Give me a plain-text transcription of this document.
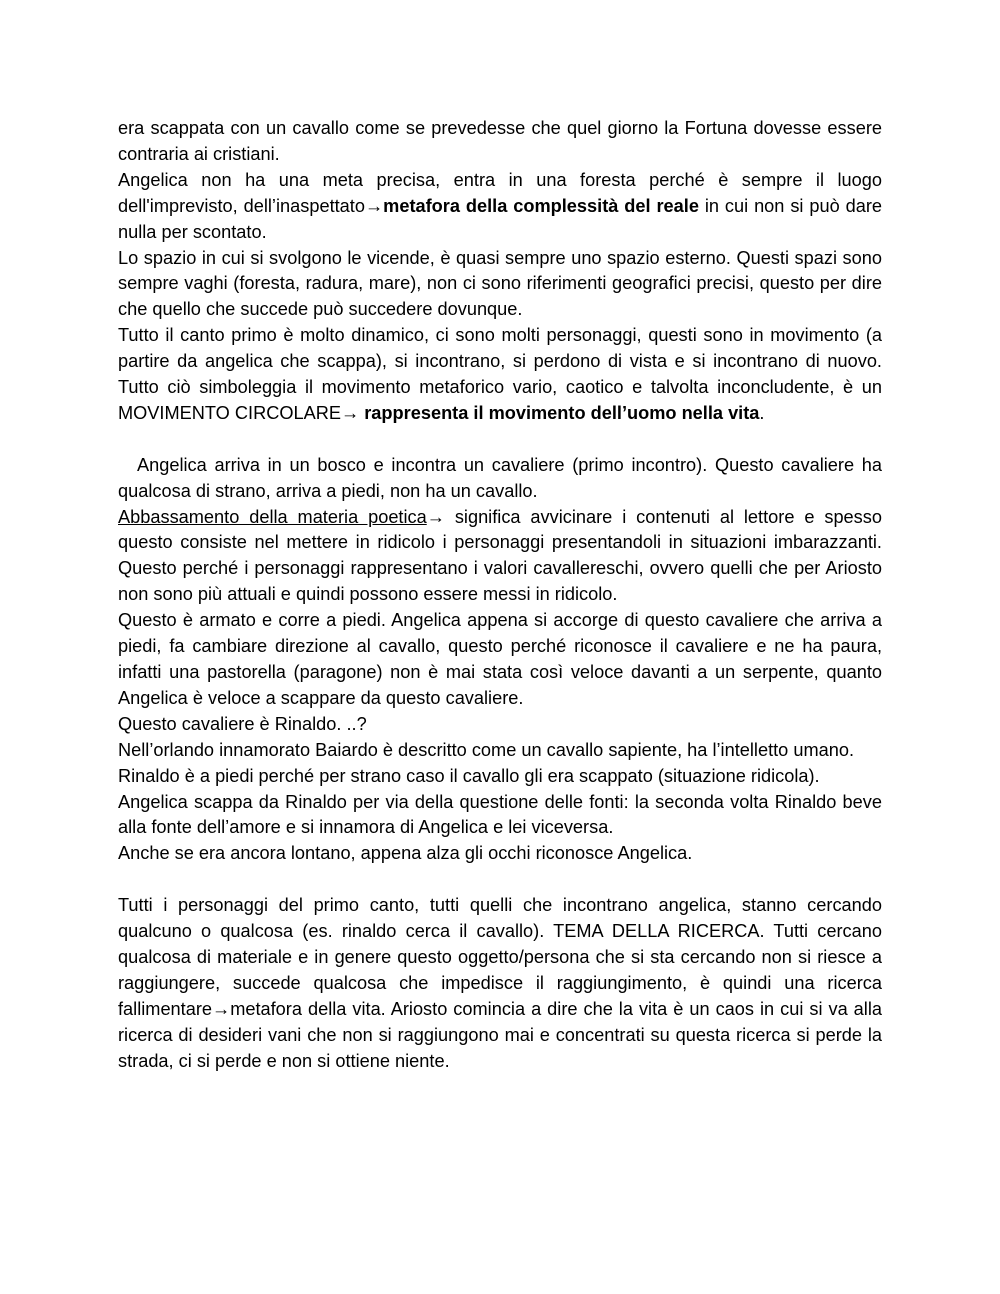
era scappata con un cavallo come se prevedesse che quel giorno la Fortuna dovesse essere contraria ai cristiani.

Angelica non ha una meta precisa, entra in una foresta perché è sempre il luogo dell'imprevisto, dell’inaspettato→metafora della complessità del reale in cui non si può dare nulla per scontato.

Lo spazio in cui si svolgono le vicende, è quasi sempre uno spazio esterno. Questi spazi sono sempre vaghi (foresta, radura, mare), non ci sono riferimenti geografici precisi, questo per dire che quello che succede può succedere dovunque.

Tutto il canto primo è molto dinamico, ci sono molti personaggi, questi sono in movimento (a partire da angelica che scappa), si incontrano, si perdono di vista e si incontrano di nuovo. Tutto ciò simboleggia il movimento metaforico vario, caotico e talvolta inconcludente, è un MOVIMENTO CIRCOLARE→ rappresenta il movimento dell’uomo nella vita.

Angelica arriva in un bosco e incontra un cavaliere (primo incontro). Questo cavaliere ha qualcosa di strano, arriva a piedi, non ha un cavallo.

Abbassamento della materia poetica→ significa avvicinare i contenuti al lettore e spesso questo consiste nel mettere in ridicolo i personaggi presentandoli in situazioni imbarazzanti. Questo perché i personaggi rappresentano i valori cavallereschi, ovvero quelli che per Ariosto non sono più attuali e quindi possono essere messi in ridicolo.

Questo è armato e corre a piedi. Angelica appena si accorge di questo cavaliere che arriva a piedi, fa cambiare direzione al cavallo, questo perché riconosce il cavaliere e ne ha paura, infatti una pastorella (paragone) non è mai stata così veloce davanti a un serpente, quanto Angelica è veloce a scappare da questo cavaliere.

Questo cavaliere è Rinaldo. ..?

Nell’orlando innamorato Baiardo è descritto come un cavallo sapiente, ha l’intelletto umano.

Rinaldo è a piedi perché per strano caso il cavallo gli era scappato (situazione ridicola).

Angelica scappa da Rinaldo per via della questione delle fonti: la seconda volta Rinaldo beve alla fonte dell’amore e si innamora di Angelica e lei viceversa.

Anche se era ancora lontano, appena alza gli occhi riconosce Angelica.

Tutti i personaggi del primo canto, tutti quelli che incontrano angelica, stanno cercando qualcuno o qualcosa (es. rinaldo cerca il cavallo). TEMA DELLA RICERCA. Tutti cercano qualcosa di materiale e in genere questo oggetto/persona che si sta cercando non si riesce a raggiungere, succede qualcosa che impedisce il raggiungimento, è quindi una ricerca fallimentare→metafora della vita. Ariosto comincia a dire che la vita è un caos in cui si va alla ricerca di desideri vani che non si raggiungono mai e concentrati su questa ricerca si perde la strada, ci si perde e non si ottiene niente.
